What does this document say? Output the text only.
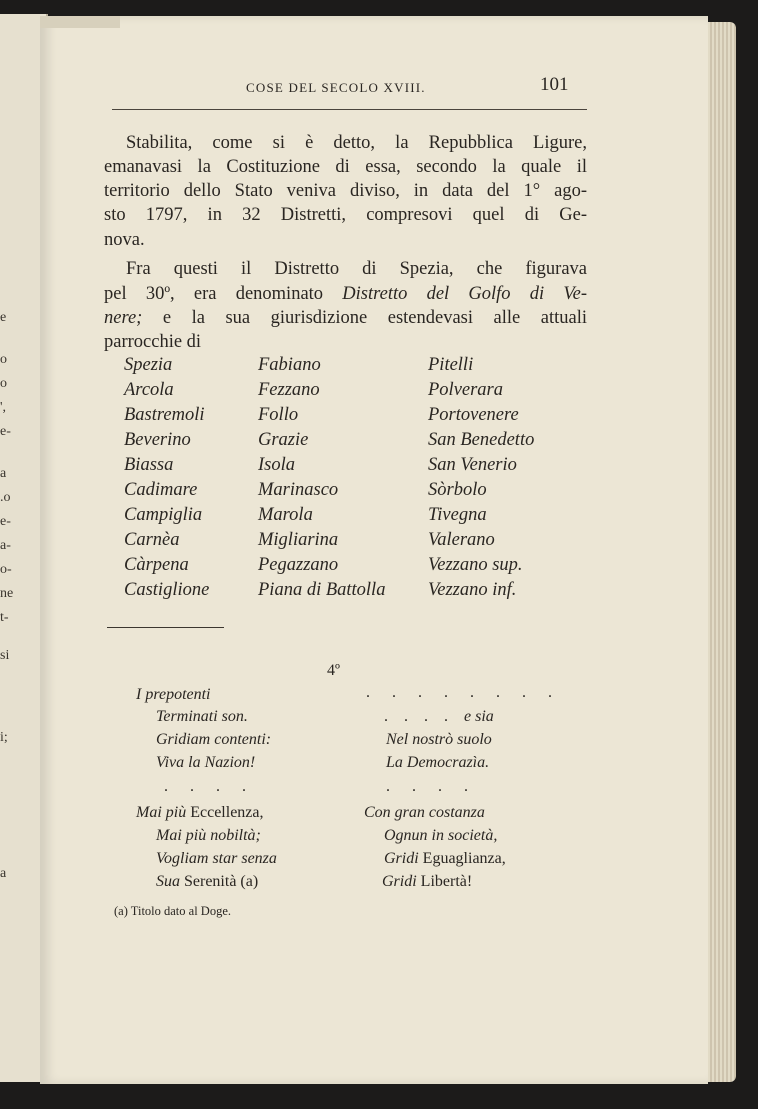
e
o
o
',
e-
a
.o
e-
a-
o-
ne
t-
si
i;
a
COSE DEL SECOLO XVIII.	101
Stabilita, come si è detto, la Repubblica Ligure,
emanavasi la Costituzione di essa, secondo la quale il
territorio dello Stato veniva diviso, in data del 1° ago-
sto 1797, in 32 Distretti, compresovi quel di Ge-
nova.
Fra questi il Distretto di Spezia, che figurava
pel 30º, era denominato Distretto del Golfo di Ve-
nere; e la sua giurisdizione estendevasi alle attuali
parrocchie di
Spezia
Arcola
Bastremoli
Beverino
Biassa
Cadimare
Campiglia
Carnèa
Càrpena
Castiglione
Fabiano
Fezzano
Follo
Grazie
Isola
Marinasco
Marola
Migliarina
Pegazzano
Piana di Battolla
Pitelli
Polverara
Portovenere
San Benedetto
San Venerio
Sòrbolo
Tivegna
Valerano
Vezzano sup.
Vezzano inf.
4º
I prepotenti
Terminati son.
Gridiam contenti:
Viva la Nazion!
. . . .
. . . . . . . .
. . . . e sia
Nel nostrò suolo
La Democrazìa.
. . . .
Mai più Eccellenza,
Mai più nobiltà;
Vogliam star senza
Sua Serenità (a)
Con gran costanza
Ognun in società,
Gridi Eguaglianza,
Gridi Libertà!
(a) Titolo dato al Doge.
